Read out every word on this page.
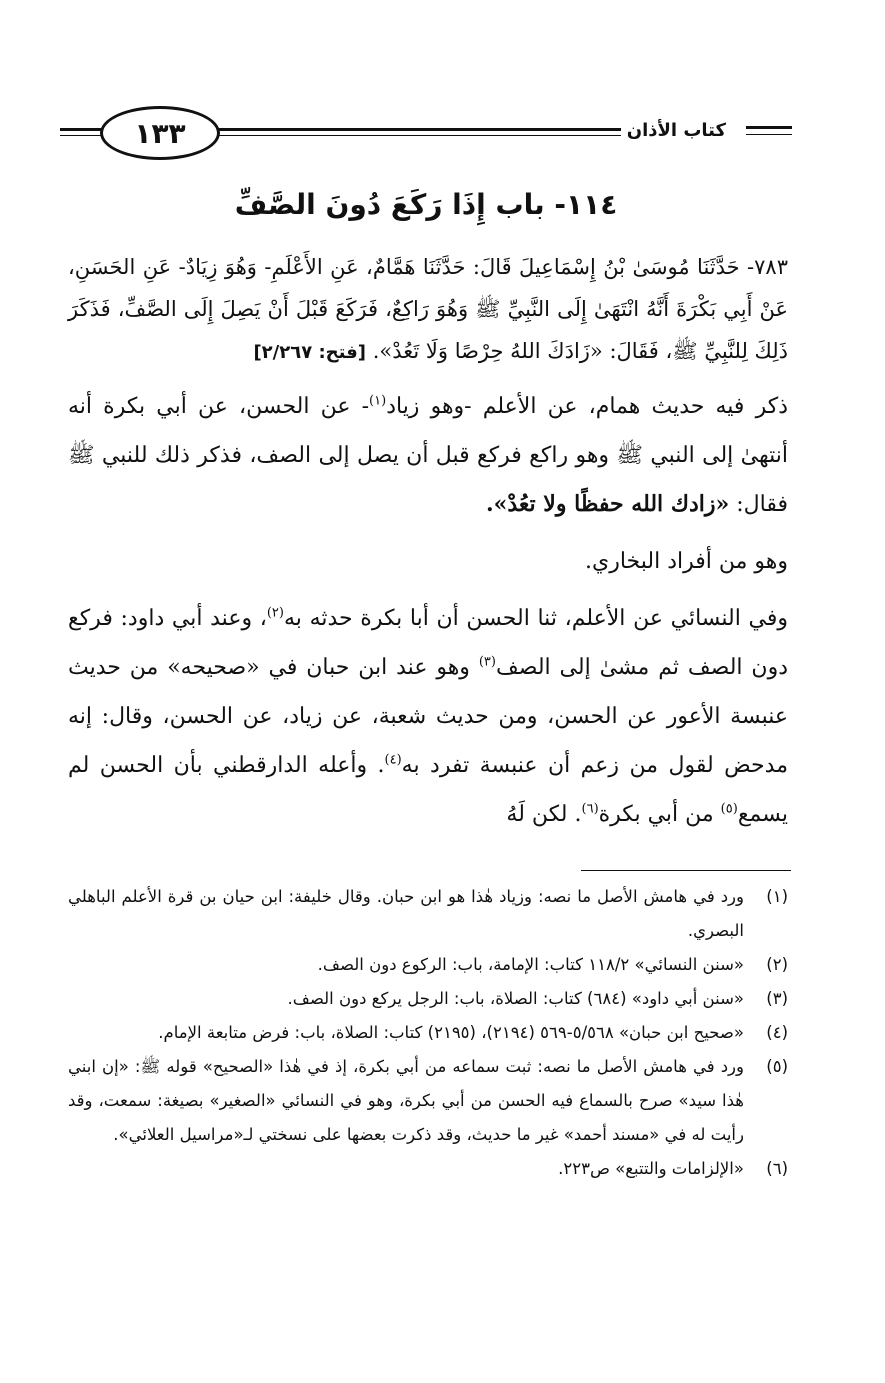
كتاب الأذان
١٣٣
١١٤- باب إِذَا رَكَعَ دُونَ الصَّفِّ

٧٨٣- حَدَّثَنَا مُوسَىٰ بْنُ إِسْمَاعِيلَ قَالَ: حَدَّثَنَا هَمَّامٌ، عَنِ الأَعْلَمِ- وَهُوَ زِيَادٌ- عَنِ الحَسَنِ، عَنْ أَبِي بَكْرَةَ أَنَّهُ انْتَهَىٰ إِلَى النَّبِيِّ ﷺ وَهُوَ رَاكِعٌ، فَرَكَعَ قَبْلَ أَنْ يَصِلَ إِلَى الصَّفِّ، فَذَكَرَ ذَلِكَ لِلنَّبِيِّ ﷺ، فَقَالَ: «زَادَكَ اللهُ حِرْصًا وَلَا تَعُدْ». [فتح: ٢/٢٦٧]

ذكر فيه حديث همام، عن الأعلم -وهو زياد$^{(١)}$- عن الحسن، عن أبي بكرة أنه أنتهىٰ إلى النبي ﷺ وهو راكع فركع قبل أن يصل إلى الصف، فذكر ذلك للنبي ﷺ فقال: «زادك الله حفظًا ولا تعُدْ».

وهو من أفراد البخاري.

وفي النسائي عن الأعلم، ثنا الحسن أن أبا بكرة حدثه به$^{(٢)}$، وعند أبي داود: فركع دون الصف ثم مشىٰ إلى الصف$^{(٣)}$ وهو عند ابن حبان في «صحيحه» من حديث عنبسة الأعور عن الحسن، ومن حديث شعبة، عن زياد، عن الحسن، وقال: إنه مدحض لقول من زعم أن عنبسة تفرد به$^{(٤)}$. وأعله الدارقطني بأن الحسن لم يسمع$^{(٥)}$ من أبي بكرة$^{(٦)}$. لكن لَهُ

(١)
ورد في هامش الأصل ما نصه: وزياد هٰذا هو ابن حبان. وقال خليفة: ابن حيان بن قرة الأعلم الباهلي البصري.
(٢)
«سنن النسائي» ١١٨/٢ كتاب: الإمامة، باب: الركوع دون الصف.
(٣)
«سنن أبي داود» (٦٨٤) كتاب: الصلاة، باب: الرجل يركع دون الصف.
(٤)
«صحيح ابن حبان» ٥/٥٦٨-٥٦٩ (٢١٩٤)، (٢١٩٥) كتاب: الصلاة، باب: فرض متابعة الإمام.
(٥)
ورد في هامش الأصل ما نصه: ثبت سماعه من أبي بكرة، إذ في هٰذا «الصحيح» قوله ﷺ: «إن ابني هٰذا سيد» صرح بالسماع فيه الحسن من أبي بكرة، وهو في النسائي «الصغير» بصيغة: سمعت، وقد رأيت له في «مسند أحمد» غير ما حديث، وقد ذكرت بعضها على نسختي لـ«مراسيل العلائي».
(٦)
«الإلزامات والتتبع» ص٢٢٣.
